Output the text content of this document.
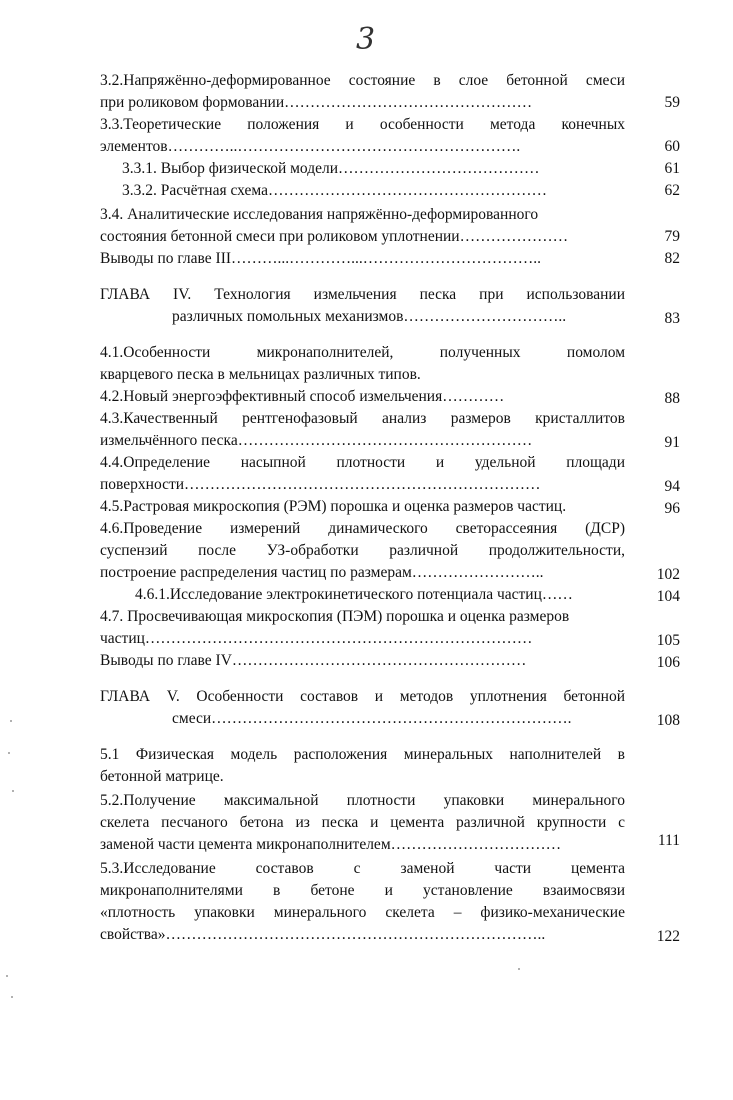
3
3.2.Напряжённо-деформированное состояние в слое бетонной смеси
при роликовом формовании…………………………………………	59
3.3.Теоретические положения и особенности метода конечных
элементов…………..……………………………………………….	60
3.3.1. Выбор физической модели…………………………………	61
3.3.2. Расчётная схема………………………………………………	62
3.4. Аналитические исследования напряжённо-деформированного
состояния бетонной смеси при роликовом уплотнении…………………	79
Выводы по главе III………...…………...……………………………..	82
ГЛАВА IV. Технология измельчения песка при использовании
различных помольных механизмов…………………………..	83
4.1.Особенности микронаполнителей, полученных помолом
кварцевого песка в мельницах различных типов.
4.2.Новый энергоэффективный способ измельчения…………	88
4.3.Качественный рентгенофазовый анализ размеров кристаллитов
измельчённого песка…………………………………………………	91
4.4.Определение насыпной плотности и удельной площади
поверхности……………………………………………………………	94
4.5.Растровая микроскопия (РЭМ) порошка и оценка размеров частиц.	96
4.6.Проведение измерений динамического светорассеяния (ДСР)
суспензий после УЗ-обработки различной продолжительности,
построение распределения частиц по размерам……………………..	102
4.6.1.Исследование электрокинетического потенциала частиц……	104
4.7. Просвечивающая микроскопия (ПЭМ) порошка и оценка размеров
частиц…………………………………………………………………	105
Выводы по главе IV…………………………………………………	106
ГЛАВА V. Особенности составов и методов уплотнения бетонной
смеси…………………………………………………………….	108
5.1 Физическая модель расположения минеральных наполнителей в
бетонной матрице.
5.2.Получение максимальной плотности упаковки минерального
скелета песчаного бетона из песка и цемента различной крупности с
заменой части цемента микронаполнителем……………………………	111
5.3.Исследование составов с заменой части цемента
микронаполнителями в бетоне и установление взаимосвязи
«плотность упаковки минерального скелета – физико-механические
свойства»………………………………………………………………..	122
